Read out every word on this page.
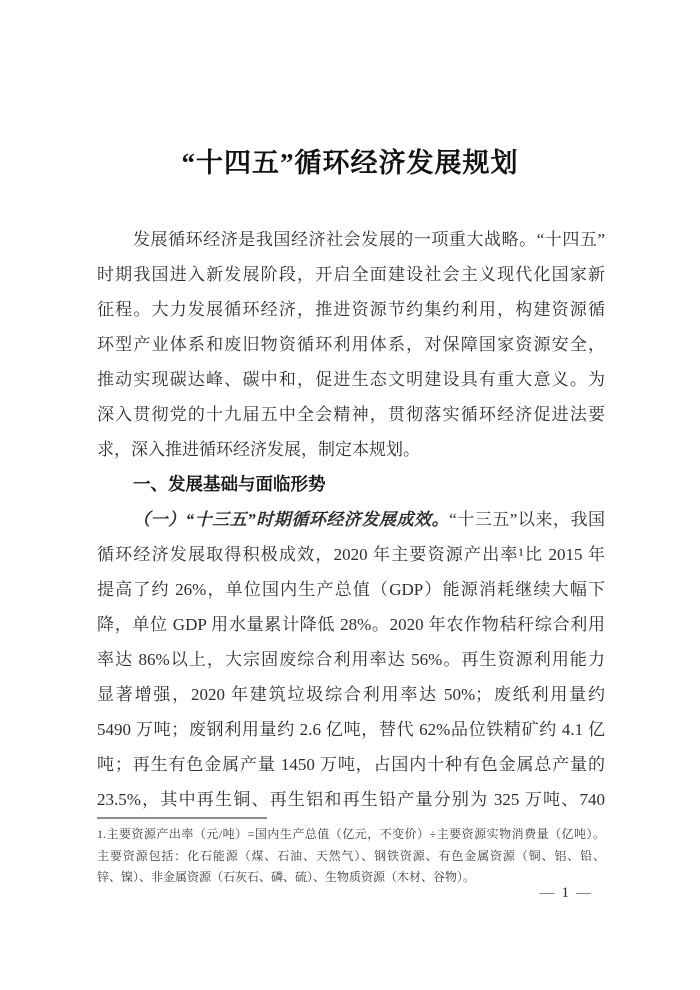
“十四五”循环经济发展规划
发展循环经济是我国经济社会发展的一项重大战略。“十四五”
时期我国进入新发展阶段，开启全面建设社会主义现代化国家新
征程。大力发展循环经济，推进资源节约集约利用，构建资源循
环型产业体系和废旧物资循环利用体系，对保障国家资源安全，
推动实现碳达峰、碳中和，促进生态文明建设具有重大意义。为
深入贯彻党的十九届五中全会精神，贯彻落实循环经济促进法要
求，深入推进循环经济发展，制定本规划。
一、发展基础与面临形势
（一）“十三五”时期循环经济发展成效。“十三五”以来，我国
循环经济发展取得积极成效，2020 年主要资源产出率¹比 2015 年
提高了约 26%，单位国内生产总值（GDP）能源消耗继续大幅下
降，单位 GDP 用水量累计降低 28%。2020 年农作物秸秆综合利用
率达 86%以上，大宗固废综合利用率达 56%。再生资源利用能力
显著增强，2020 年建筑垃圾综合利用率达 50%；废纸利用量约
5490 万吨；废钢利用量约 2.6 亿吨，替代 62%品位铁精矿约 4.1 亿
吨；再生有色金属产量 1450 万吨，占国内十种有色金属总产量的
23.5%，其中再生铜、再生铝和再生铅产量分别为 325 万吨、740
1.主要资源产出率（元/吨）=国内生产总值（亿元，不变价）÷主要资源实物消费量（亿吨）。
主要资源包括：化石能源（煤、石油、天然气）、钢铁资源、有色金属资源（铜、铝、铅、
锌、镍）、非金属资源（石灰石、磷、硫）、生物质资源（木材、谷物）。
— 1 —
